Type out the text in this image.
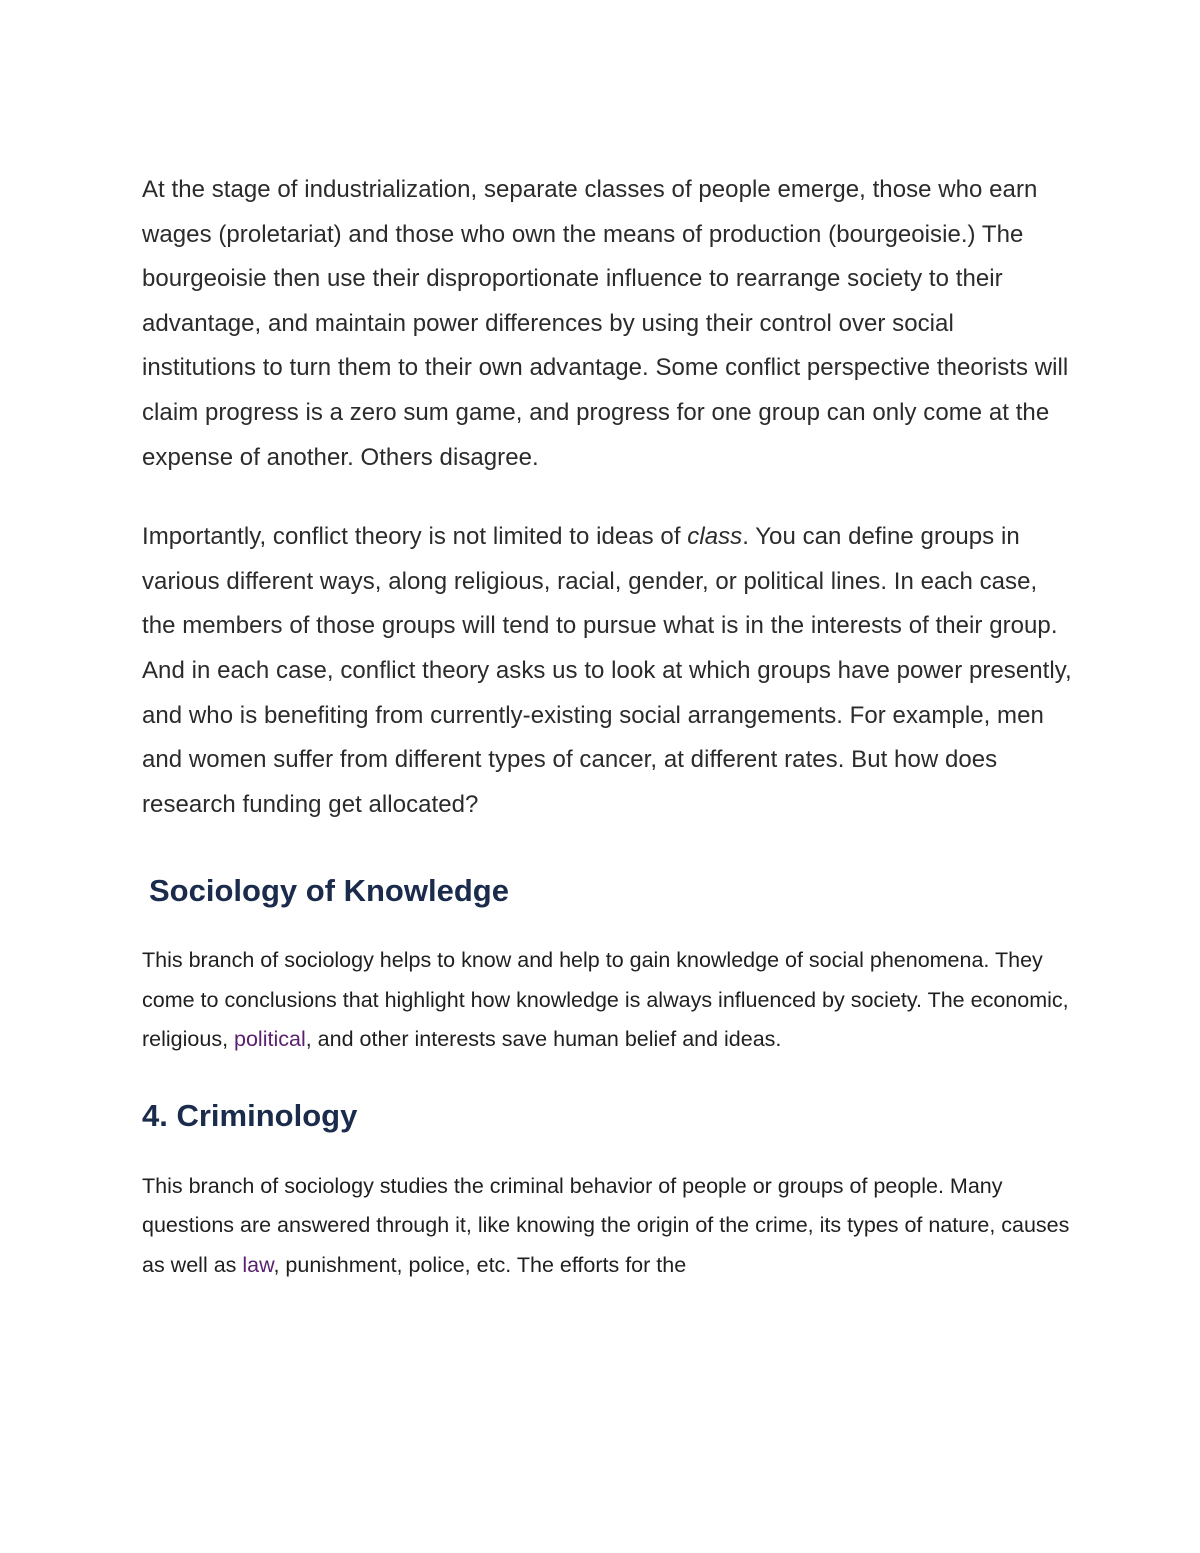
At the stage of industrialization, separate classes of people emerge, those who earn wages (proletariat) and those who own the means of production (bourgeoisie.) The bourgeoisie then use their disproportionate influence to rearrange society to their advantage, and maintain power differences by using their control over social institutions to turn them to their own advantage. Some conflict perspective theorists will claim progress is a zero sum game, and progress for one group can only come at the expense of another. Others disagree.

Importantly, conflict theory is not limited to ideas of class. You can define groups in various different ways, along religious, racial, gender, or political lines. In each case, the members of those groups will tend to pursue what is in the interests of their group. And in each case, conflict theory asks us to look at which groups have power presently, and who is benefiting from currently-existing social arrangements. For example, men and women suffer from different types of cancer, at different rates. But how does research funding get allocated?

Sociology of Knowledge

This branch of sociology helps to know and help to gain knowledge of social phenomena. They come to conclusions that highlight how knowledge is always influenced by society. The economic, religious, political, and other interests save human belief and ideas.

4. Criminology

This branch of sociology studies the criminal behavior of people or groups of people. Many questions are answered through it, like knowing the origin of the crime, its types of nature, causes as well as law, punishment, police, etc. The efforts for the
